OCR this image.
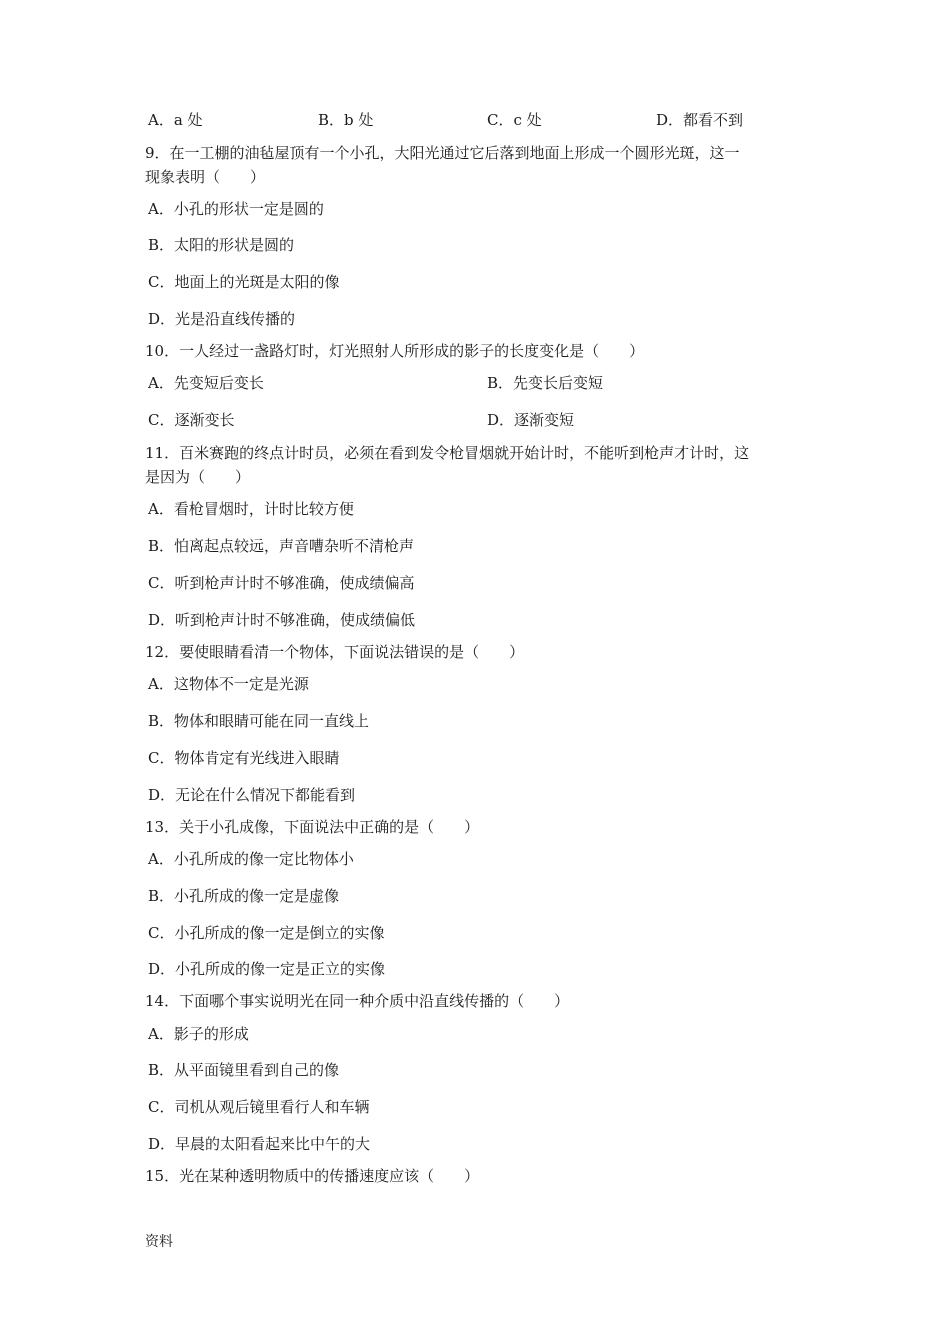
A．a 处	B．b 处	C．c 处	D．都看不到
9．在一工棚的油毡屋顶有一个小孔，大阳光通过它后落到地面上形成一个圆形光斑，这一
现象表明（　　）
A．小孔的形状一定是圆的
B．太阳的形状是圆的
C．地面上的光斑是太阳的像
D．光是沿直线传播的
10．一人经过一盏路灯时，灯光照射人所形成的影子的长度变化是（　　）
A．先变短后变长	B．先变长后变短
C．逐渐变长	D．逐渐变短
11．百米赛跑的终点计时员，必须在看到发令枪冒烟就开始计时，不能听到枪声才计时，这
是因为（　　）
A．看枪冒烟时，计时比较方便
B．怕离起点较远，声音嘈杂听不清枪声
C．听到枪声计时不够准确，使成绩偏高
D．听到枪声计时不够准确，使成绩偏低
12．要使眼睛看清一个物体，下面说法错误的是（　　）
A．这物体不一定是光源
B．物体和眼睛可能在同一直线上
C．物体肯定有光线进入眼睛
D．无论在什么情况下都能看到
13．关于小孔成像，下面说法中正确的是（　　）
A．小孔所成的像一定比物体小
B．小孔所成的像一定是虚像
C．小孔所成的像一定是倒立的实像
D．小孔所成的像一定是正立的实像
14．下面哪个事实说明光在同一种介质中沿直线传播的（　　）
A．影子的形成
B．从平面镜里看到自己的像
C．司机从观后镜里看行人和车辆
D．早晨的太阳看起来比中午的大
15．光在某种透明物质中的传播速度应该（　　）
资料
